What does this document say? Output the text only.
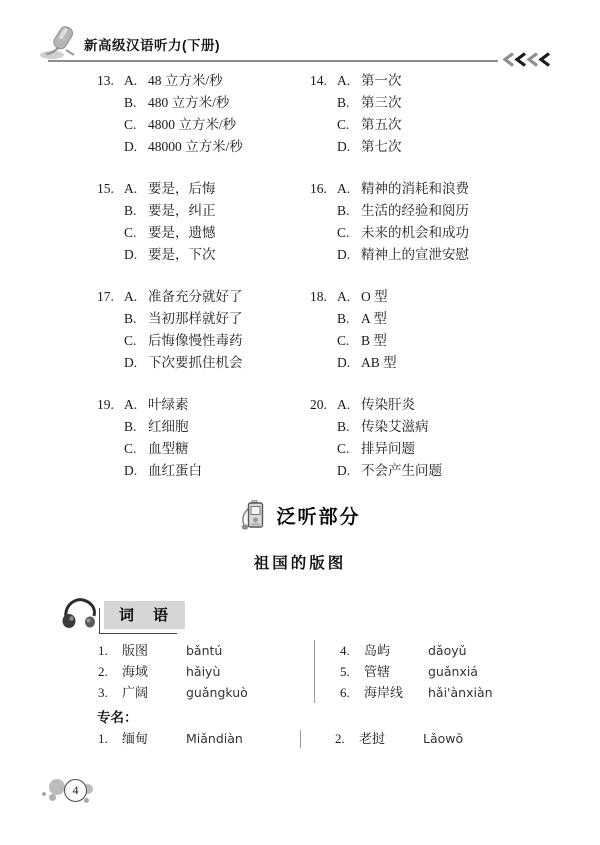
新高级汉语听力(下册)
13. A. 48 立方米/秒
B. 480 立方米/秒
C. 4800 立方米/秒
D. 48000 立方米/秒
14. A. 第一次
B. 第三次
C. 第五次
D. 第七次
15. A. 要是，后悔
B. 要是，纠正
C. 要是，遗憾
D. 要是，下次
16. A. 精神的消耗和浪费
B. 生活的经验和阅历
C. 未来的机会和成功
D. 精神上的宣泄安慰
17. A. 准备充分就好了
B. 当初那样就好了
C. 后悔像慢性毒药
D. 下次要抓住机会
18. A. O 型
B. A 型
C. B 型
D. AB 型
19. A. 叶绿素
B. 红细胞
C. 血型糖
D. 血红蛋白
20. A. 传染肝炎
B. 传染艾滋病
C. 排异问题
D. 不会产生问题
泛听部分
祖国的版图
词　语
1. 版图	bǎntú
2. 海域	hǎiyù
3. 广阔	guǎngkuò
4. 岛屿	dǎoyǔ
5. 管辖	guǎnxiá
6. 海岸线 hǎi'ànxiàn
专名：
1. 缅甸	Miǎndiàn	2. 老挝	Lǎowō
4
